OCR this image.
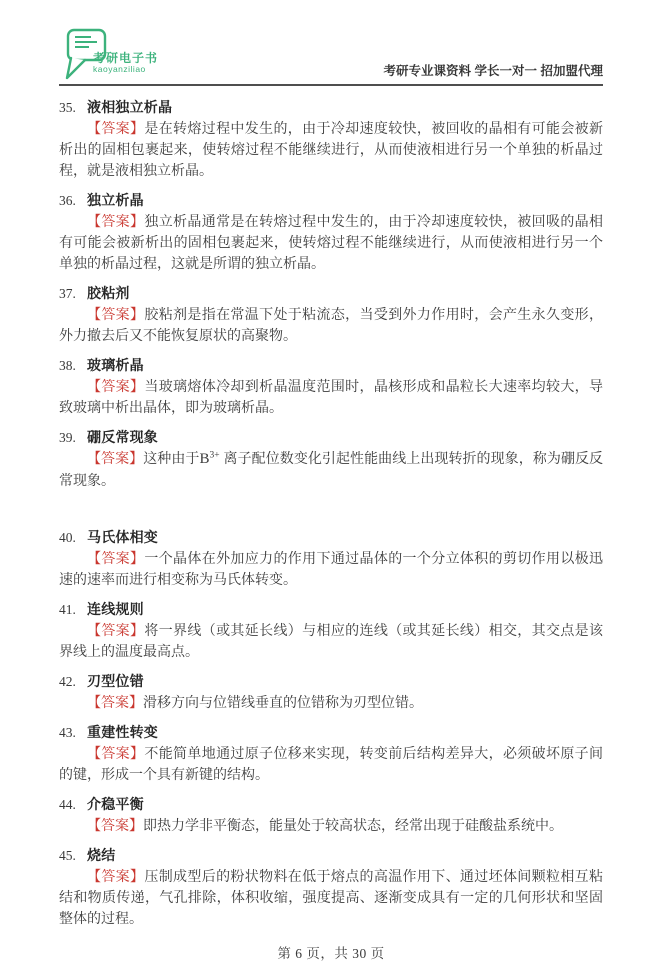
考研电子书
kaoyanziliao	考研专业课资料 学长一对一 招加盟代理
35. 液相独立析晶

【答案】是在转熔过程中发生的，由于冷却速度较快，被回收的晶相有可能会被新析出的固相包裹起来，使转熔过程不能继续进行，从而使液相进行另一个单独的析晶过程，就是液相独立析晶。

36. 独立析晶

【答案】独立析晶通常是在转熔过程中发生的，由于冷却速度较快，被回吸的晶相有可能会被新析出的固相包裹起来，使转熔过程不能继续进行，从而使液相进行另一个单独的析晶过程，这就是所谓的独立析晶。

37. 胶粘剂

【答案】胶粘剂是指在常温下处于粘流态，当受到外力作用时，会产生永久变形，外力撤去后又不能恢复原状的高聚物。

38. 玻璃析晶

【答案】当玻璃熔体冷却到析晶温度范围时，晶核形成和晶粒长大速率均较大，导致玻璃中析出晶体，即为玻璃析晶。

39. 硼反常现象

【答案】这种由于$B^{3+}$ 离子配位数变化引起性能曲线上出现转折的现象，称为硼反反常现象。

40. 马氏体相变

【答案】一个晶体在外加应力的作用下通过晶体的一个分立体积的剪切作用以极迅速的速率而进行相变称为马氏体转变。

41. 连线规则

【答案】将一界线（或其延长线）与相应的连线（或其延长线）相交，其交点是该界线上的温度最高点。

42. 刃型位错

【答案】滑移方向与位错线垂直的位错称为刃型位错。

43. 重建性转变

【答案】不能简单地通过原子位移来实现，转变前后结构差异大，必须破坏原子间的键，形成一个具有新键的结构。

44. 介稳平衡

【答案】即热力学非平衡态，能量处于较高状态，经常出现于硅酸盐系统中。

45. 烧结

【答案】压制成型后的粉状物料在低于熔点的高温作用下、通过坯体间颗粒相互粘结和物质传递，气孔排除，体积收缩，强度提高、逐渐变成具有一定的几何形状和坚固整体的过程。

第 6 页，共 30 页
